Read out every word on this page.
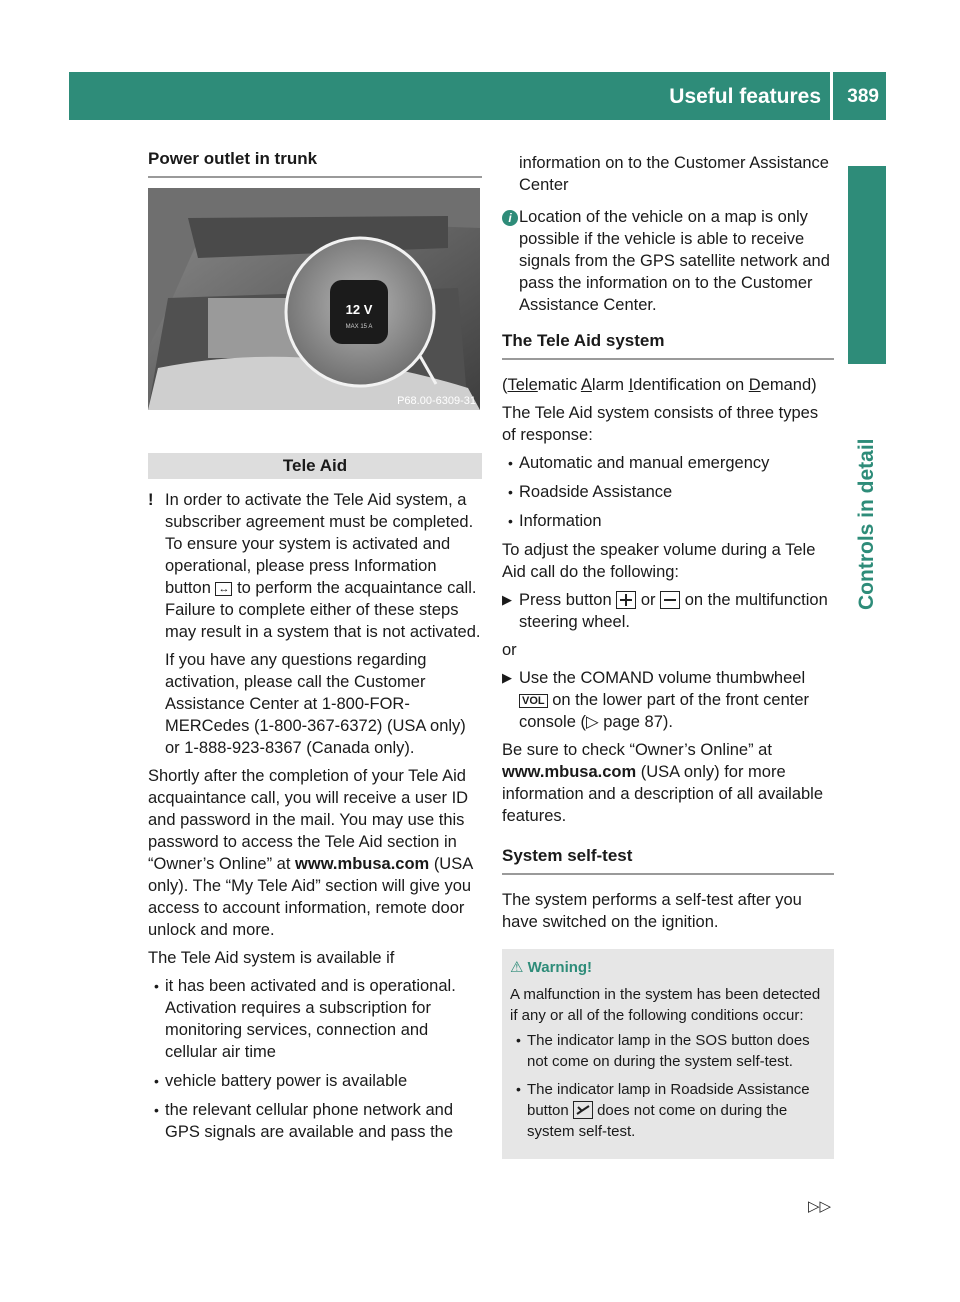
Useful features 389
Controls in detail
Power outlet in trunk
12 V
MAX 15 A
P68.00-6309-31
Tele Aid

! In order to activate the Tele Aid system, a subscriber agreement must be completed. To ensure your system is activated and operational, please press Information button ↔ to perform the acquaintance call. Failure to complete either of these steps may result in a system that is not activated.

If you have any questions regarding activation, please call the Customer Assistance Center at 1-800-FOR-MERCedes (1-800-367-6372) (USA only) or 1-888-923-8367 (Canada only).

Shortly after the completion of your Tele Aid acquaintance call, you will receive a user ID and password in the mail. You may use this password to access the Tele Aid section in “Owner’s Online” at www.mbusa.com (USA only). The “My Tele Aid” section will give you access to account information, remote door unlock and more.

The Tele Aid system is available if

• it has been activated and is operational. Activation requires a subscription for monitoring services, connection and cellular air time
• vehicle battery power is available
• the relevant cellular phone network and GPS signals are available and pass the

information on to the Customer Assistance Center

i Location of the vehicle on a map is only possible if the vehicle is able to receive signals from the GPS satellite network and pass the information on to the Customer Assistance Center.

The Tele Aid system

(Telematic Alarm Identification on Demand)

The Tele Aid system consists of three types of response:

• Automatic and manual emergency
• Roadside Assistance
• Information

To adjust the speaker volume during a Tele Aid call do the following:

▶ Press button or on the multifunction steering wheel.

or

▶ Use the COMAND volume thumbwheel VOL on the lower part of the front center console (▷ page 87).

Be sure to check “Owner’s Online” at www.mbusa.com (USA only) for more information and a description of all available features.

System self-test

The system performs a self-test after you have switched on the ignition.

⚠ Warning!
A malfunction in the system has been detected if any or all of the following conditions occur:
• The indicator lamp in the SOS button does not come on during the system self-test.
• The indicator lamp in Roadside Assistance button does not come on during the system self-test.
▷▷
